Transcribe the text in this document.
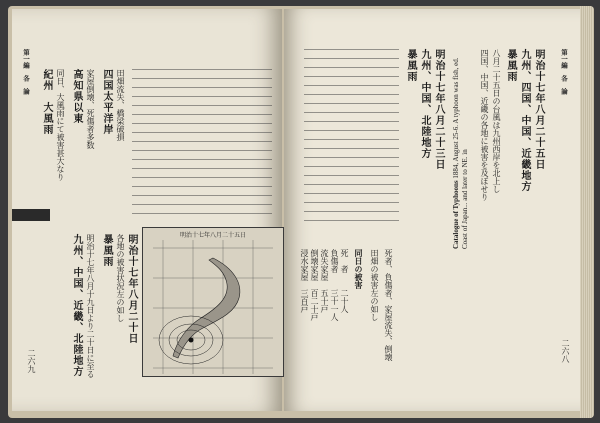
第一編　各　論
二六九
紀州　大風雨 同日、大風雨にて被害甚大なり 高知県以東 家屋倒壊、死傷者多数 四国太平洋岸 田畑流失、橋梁破損
明治十七年八月二十日
九州、中国、近畿、北陸地方 明治十七年八月十九日より二十日に至る 暴風雨 各地の被害状況左の如し	明治十七年八月二十五日
第一編　各　論
二六八
明治十七年八月二十五日
九州、四国、中国、近畿地方
暴風雨
八月二十五日の台風は九州西岸を北上し
四国、中国、近畿の各地に被害を及ぼせり
Catalogue of Typhoons 1884, August 25-6. A typhoon was fish, ed. Coast of Japan... and later to NE. in
明治十七年八月二十三日
九州、中国、北陸地方
暴風雨
死者、負傷者、家屋流失、倒壊
田畑の被害左の如し
同日の被害
死　者　　二十人
負傷者　　三十一人
流失家屋　五十戸
倒壊家屋　百二十戸
浸水家屋　三百戸
